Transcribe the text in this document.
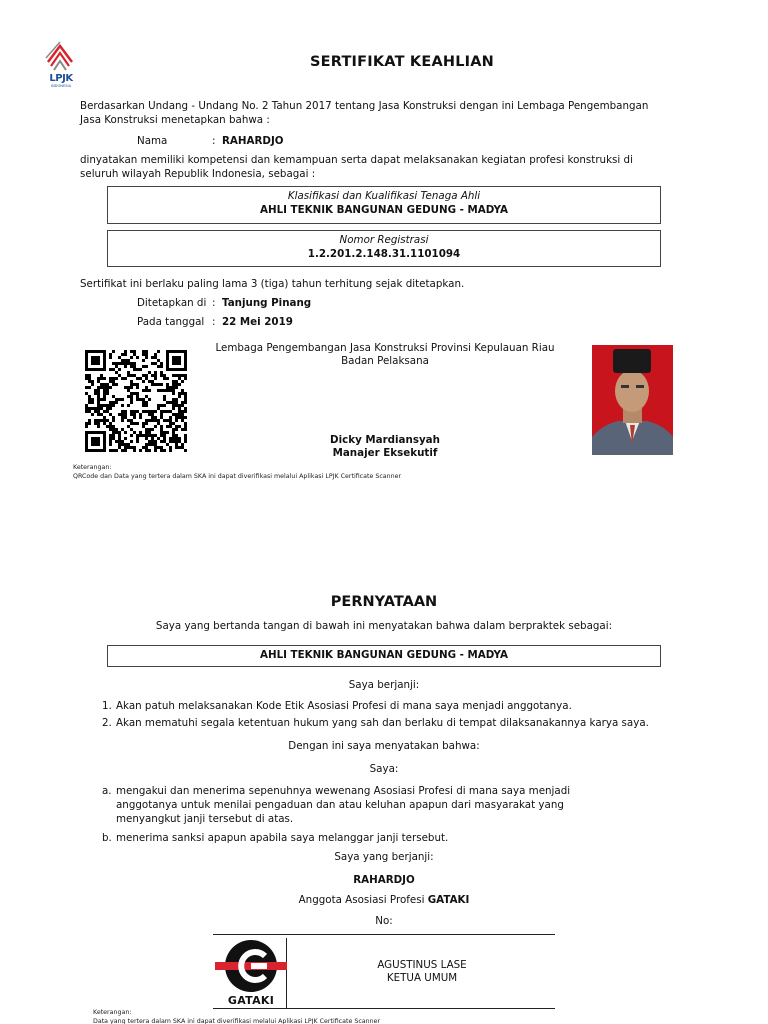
LPJK
INDONESIA
SERTIFIKAT KEAHLIAN
Berdasarkan Undang - Undang No. 2 Tahun 2017 tentang Jasa Konstruksi dengan ini Lembaga Pengembangan Jasa Konstruksi menetapkan bahwa :
Nama	: RAHARDJO
dinyatakan memiliki kompetensi dan kemampuan serta dapat melaksanakan kegiatan profesi konstruksi di seluruh wilayah Republik Indonesia, sebagai :
Klasifikasi dan Kualifikasi Tenaga Ahli
AHLI TEKNIK BANGUNAN GEDUNG - MADYA
Nomor Registrasi
1.2.201.2.148.31.1101094
Sertifikat ini berlaku paling lama 3 (tiga) tahun terhitung sejak ditetapkan.
Ditetapkan di : Tanjung Pinang
Pada tanggal : 22 Mei 2019
Lembaga Pengembangan Jasa Konstruksi Provinsi Kepulauan Riau
Badan Pelaksana
Dicky Mardiansyah
Manajer Eksekutif
Keterangan:
QRCode dan Data yang tertera dalam SKA ini dapat diverifikasi melalui Aplikasi LPJK Certificate Scanner
PERNYATAAN
Saya yang bertanda tangan di bawah ini menyatakan bahwa dalam berpraktek sebagai:
AHLI TEKNIK BANGUNAN GEDUNG - MADYA
Saya berjanji:
1. Akan patuh melaksanakan Kode Etik Asosiasi Profesi di mana saya menjadi anggotanya.
2. Akan mematuhi segala ketentuan hukum yang sah dan berlaku di tempat dilaksanakannya karya saya.
Dengan ini saya menyatakan bahwa:
Saya:
a. mengakui dan menerima sepenuhnya wewenang Asosiasi Profesi di mana saya menjadi anggotanya untuk menilai pengaduan dan atau keluhan apapun dari masyarakat yang menyangkut janji tersebut di atas.
b. menerima sanksi apapun apabila saya melanggar janji tersebut.
Saya yang berjanji:
RAHARDJO
Anggota Asosiasi Profesi GATAKI
No:
GATAKI
AGUSTINUS LASE
KETUA UMUM
Keterangan:
Data yang tertera dalam SKA ini dapat diverifikasi melalui Aplikasi LPJK Certificate Scanner
